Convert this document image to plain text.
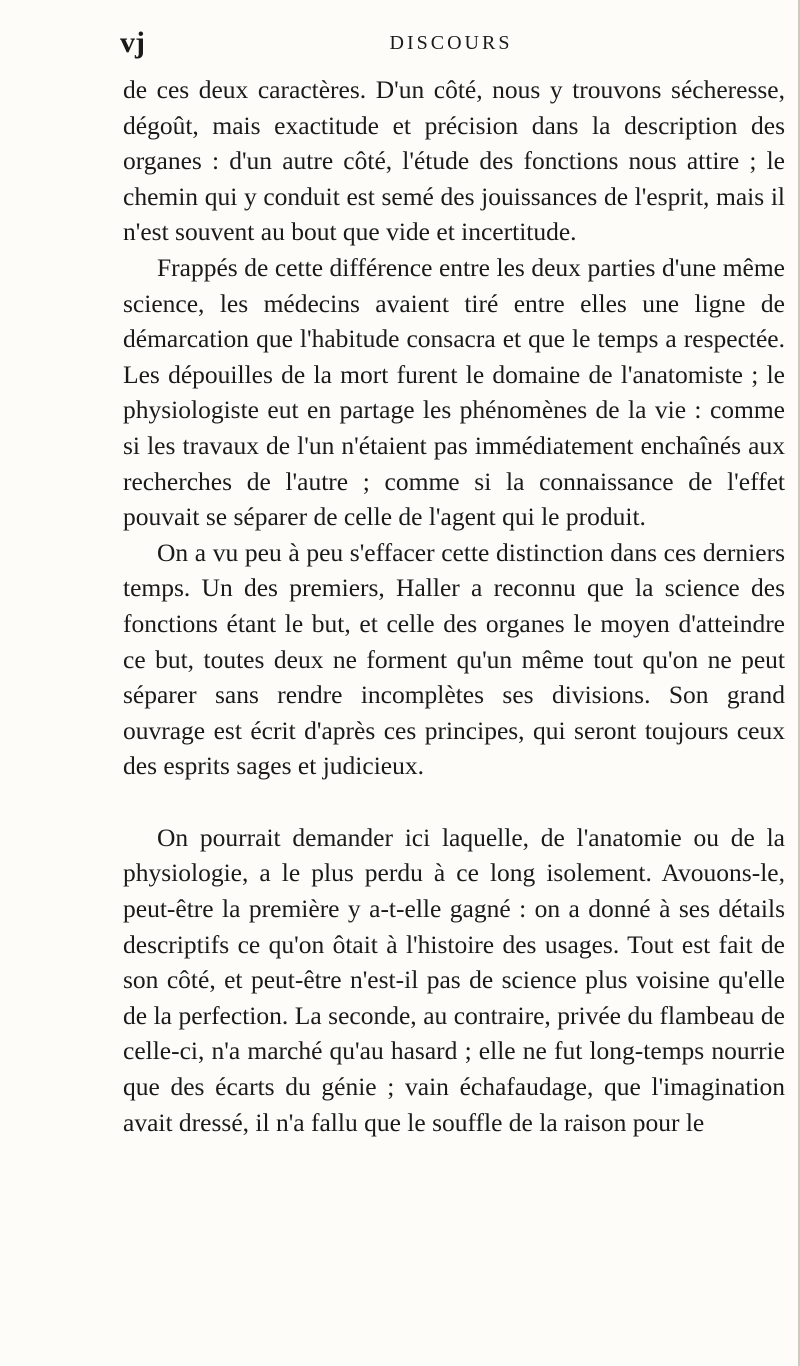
vj	DISCOURS

de ces deux caractères. D'un côté, nous y trouvons sécheresse, dégoût, mais exactitude et précision dans la description des organes : d'un autre côté, l'étude des fonctions nous attire ; le chemin qui y conduit est semé des jouissances de l'esprit, mais il n'est souvent au bout que vide et incertitude.

Frappés de cette différence entre les deux parties d'une même science, les médecins avaient tiré entre elles une ligne de démarcation que l'habitude consacra et que le temps a respectée. Les dépouilles de la mort furent le domaine de l'anatomiste ; le physiologiste eut en partage les phénomènes de la vie : comme si les travaux de l'un n'étaient pas immédiatement enchaînés aux recherches de l'autre ; comme si la connaissance de l'effet pouvait se séparer de celle de l'agent qui le produit.

On a vu peu à peu s'effacer cette distinction dans ces derniers temps. Un des premiers, Haller a reconnu que la science des fonctions étant le but, et celle des organes le moyen d'atteindre ce but, toutes deux ne forment qu'un même tout qu'on ne peut séparer sans rendre incomplètes ses divisions. Son grand ouvrage est écrit d'après ces principes, qui seront toujours ceux des esprits sages et judicieux.

On pourrait demander ici laquelle, de l'anatomie ou de la physiologie, a le plus perdu à ce long isolement. Avouons-le, peut-être la première y a-t-elle gagné : on a donné à ses détails descriptifs ce qu'on ôtait à l'histoire des usages. Tout est fait de son côté, et peut-être n'est-il pas de science plus voisine qu'elle de la perfection. La seconde, au contraire, privée du flambeau de celle-ci, n'a marché qu'au hasard ; elle ne fut long-temps nourrie que des écarts du génie ; vain échafaudage, que l'imagination avait dressé, il n'a fallu que le souffle de la raison pour le
